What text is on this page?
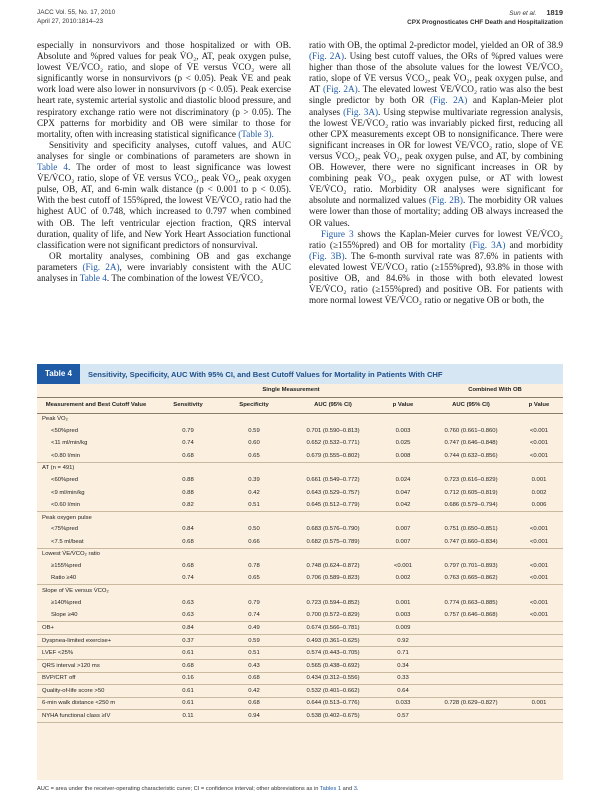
JACC Vol. 55, No. 17, 2010
April 27, 2010:1814–23
Sun et al. 1819
CPX Prognosticates CHF Death and Hospitalization

especially in nonsurvivors and those hospitalized or with OB. Absolute and %pred values for peak V̇O₂, AT, peak oxygen pulse, lowest V̇E/V̇CO₂ ratio, and slope of V̇E versus V̇CO₂ were all significantly worse in nonsurvivors (p < 0.05). Peak V̇E and peak work load were also lower in nonsurvivors (p < 0.05). Peak exercise heart rate, systemic arterial systolic and diastolic blood pressure, and respiratory exchange ratio were not discriminatory (p > 0.05). The CPX patterns for morbidity and OB were similar to those for mortality, often with increasing statistical significance (Table 3).

Sensitivity and specificity analyses, cutoff values, and AUC analyses for single or combinations of parameters are shown in Table 4. The order of most to least significance was lowest V̇E/V̇CO₂ ratio, slope of V̇E versus V̇CO₂, peak V̇O₂, peak oxygen pulse, OB, AT, and 6-min walk distance (p < 0.001 to p < 0.05). With the best cutoff of 155%pred, the lowest V̇E/V̇CO₂ ratio had the highest AUC of 0.748, which increased to 0.797 when combined with OB. The left ventricular ejection fraction, QRS interval duration, quality of life, and New York Heart Association functional classification were not significant predictors of nonsurvival.

OR mortality analyses, combining OB and gas exchange parameters (Fig. 2A), were invariably consistent with the AUC analyses in Table 4. The combination of the lowest V̇E/V̇CO₂

ratio with OB, the optimal 2-predictor model, yielded an OR of 38.9 (Fig. 2A). Using best cutoff values, the ORs of %pred values were higher than those of the absolute values for the lowest V̇E/V̇CO₂ ratio, slope of V̇E versus V̇CO₂, peak V̇O₂, peak oxygen pulse, and AT (Fig. 2A). The elevated lowest V̇E/V̇CO₂ ratio was also the best single predictor by both OR (Fig. 2A) and Kaplan-Meier plot analyses (Fig. 3A). Using stepwise multivariate regression analysis, the lowest V̇E/V̇CO₂ ratio was invariably picked first, reducing all other CPX measurements except OB to nonsignificance. There were significant increases in OR for lowest V̇E/V̇CO₂ ratio, slope of V̇E versus V̇CO₂, peak V̇O₂, peak oxygen pulse, and AT, by combining OB. However, there were no significant increases in OR by combining peak V̇O₂, peak oxygen pulse, or AT with lowest V̇E/V̇CO₂ ratio. Morbidity OR analyses were significant for absolute and normalized values (Fig. 2B). The morbidity OR values were lower than those of mortality; adding OB always increased the OR values.

Figure 3 shows the Kaplan-Meier curves for lowest V̇E/V̇CO₂ ratio (≥155%pred) and OB for mortality (Fig. 3A) and morbidity (Fig. 3B). The 6-month survival rate was 87.6% in patients with elevated lowest V̇E/V̇CO₂ ratio (≥155%pred), 93.8% in those with positive OB, and 84.6% in those with both elevated lowest V̇E/V̇CO₂ ratio (≥155%pred) and positive OB. For patients with more normal lowest V̇E/V̇CO₂ ratio or negative OB or both, the

Table 4	Sensitivity, Specificity, AUC With 95% CI, and Best Cutoff Values for Mortality in Patients With CHF
	Single Measurement				Combined With OB	
Measurement and Best Cutoff Value	Sensitivity	Specificity	AUC (95% CI)	p Value	AUC (95% CI)	p Value
Peak V̇O₂						
<50%pred	0.79	0.59	0.701 (0.590–0.813)	0.003	0.760 (0.661–0.860)	<0.001
<11 ml/min/kg	0.74	0.60	0.652 (0.532–0.771)	0.025	0.747 (0.646–0.848)	<0.001
<0.80 l/min	0.68	0.65	0.679 (0.555–0.802)	0.008	0.744 (0.632–0.856)	<0.001
AT (n = 491)						
<60%pred	0.88	0.39	0.661 (0.549–0.772)	0.024	0.723 (0.616–0.829)	0.001
<9 ml/min/kg	0.88	0.42	0.643 (0.529–0.757)	0.047	0.712 (0.605–0.819)	0.002
<0.60 l/min	0.82	0.51	0.645 (0.512–0.779)	0.042	0.686 (0.579–0.794)	0.006
Peak oxygen pulse						
<75%pred	0.84	0.50	0.683 (0.576–0.790)	0.007	0.751 (0.650–0.851)	<0.001
<7.5 ml/beat	0.68	0.66	0.682 (0.575–0.789)	0.007	0.747 (0.660–0.834)	<0.001
Lowest V̇E/V̇CO₂ ratio						
≥155%pred	0.68	0.78	0.748 (0.624–0.872)	<0.001	0.797 (0.701–0.893)	<0.001
Ratio ≥40	0.74	0.65	0.706 (0.589–0.823)	0.002	0.763 (0.665–0.862)	<0.001
Slope of V̇E versus V̇CO₂						
≥140%pred	0.63	0.79	0.723 (0.594–0.852)	0.001	0.774 (0.663–0.885)	<0.001
Slope ≥40	0.63	0.74	0.700 (0.572–0.829)	0.003	0.757 (0.646–0.868)	<0.001
OB+	0.84	0.49	0.674 (0.566–0.781)	0.009		
Dyspnea-limited exercise+	0.37	0.59	0.493 (0.361–0.625)	0.92		
LVEF <25%	0.61	0.51	0.574 (0.443–0.705)	0.71		
QRS interval >120 ms	0.68	0.43	0.565 (0.438–0.692)	0.34		
BVP/CRT off	0.16	0.68	0.434 (0.312–0.556)	0.33		
Quality-of-life score >50	0.61	0.42	0.532 (0.401–0.662)	0.64		
6-min walk distance <250 m	0.61	0.68	0.644 (0.513–0.776)	0.033	0.728 (0.629–0.827)	0.001
NYHA functional class ≥IV	0.11	0.94	0.538 (0.402–0.675)	0.57		
AUC = area under the receiver-operating characteristic curve; CI = confidence interval; other abbreviations as in Tables 1 and 3.
